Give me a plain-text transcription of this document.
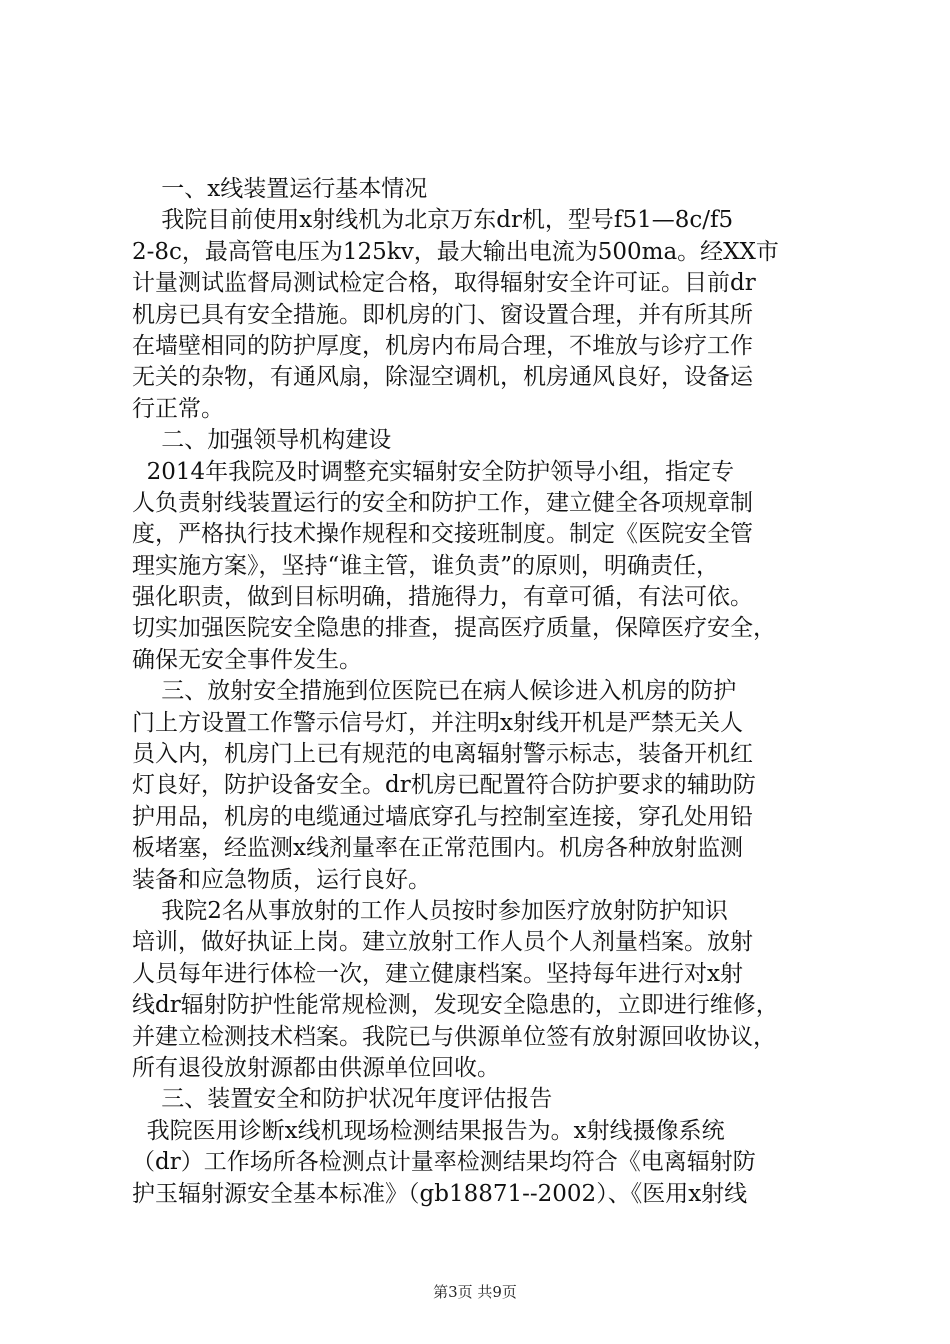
一、x线装置运行基本情况
我院目前使用x射线机为北京万东dr机，型号f51—8c/f5
2-8c，最高管电压为125kv，最大输出电流为500ma。经XX市
计量测试监督局测试检定合格，取得辐射安全许可证。目前dr
机房已具有安全措施。即机房的门、窗设置合理，并有所其所
在墙壁相同的防护厚度，机房内布局合理，不堆放与诊疗工作
无关的杂物，有通风扇，除湿空调机，机房通风良好，设备运
行正常。
二、加强领导机构建设
2014年我院及时调整充实辐射安全防护领导小组，指定专
人负责射线装置运行的安全和防护工作，建立健全各项规章制
度，严格执行技术操作规程和交接班制度。制定《医院安全管
理实施方案》，坚持“谁主管，谁负责”的原则，明确责任，
强化职责，做到目标明确，措施得力，有章可循，有法可依。
切实加强医院安全隐患的排查，提高医疗质量，保障医疗安全，
确保无安全事件发生。
三、放射安全措施到位医院已在病人候诊进入机房的防护
门上方设置工作警示信号灯，并注明x射线开机是严禁无关人
员入内，机房门上已有规范的电离辐射警示标志，装备开机红
灯良好，防护设备安全。dr机房已配置符合防护要求的辅助防
护用品，机房的电缆通过墙底穿孔与控制室连接，穿孔处用铅
板堵塞，经监测x线剂量率在正常范围内。机房各种放射监测
装备和应急物质，运行良好。
我院2名从事放射的工作人员按时参加医疗放射防护知识
培训，做好执证上岗。建立放射工作人员个人剂量档案。放射
人员每年进行体检一次，建立健康档案。坚持每年进行对x射
线dr辐射防护性能常规检测，发现安全隐患的，立即进行维修，
并建立检测技术档案。我院已与供源单位签有放射源回收协议，
所有退役放射源都由供源单位回收。
三、装置安全和防护状况年度评估报告
我院医用诊断x线机现场检测结果报告为。x射线摄像系统
（dr）工作场所各检测点计量率检测结果均符合《电离辐射防
护玉辐射源安全基本标准》（gb18871--2002）、《医用x射线
第3页 共9页
